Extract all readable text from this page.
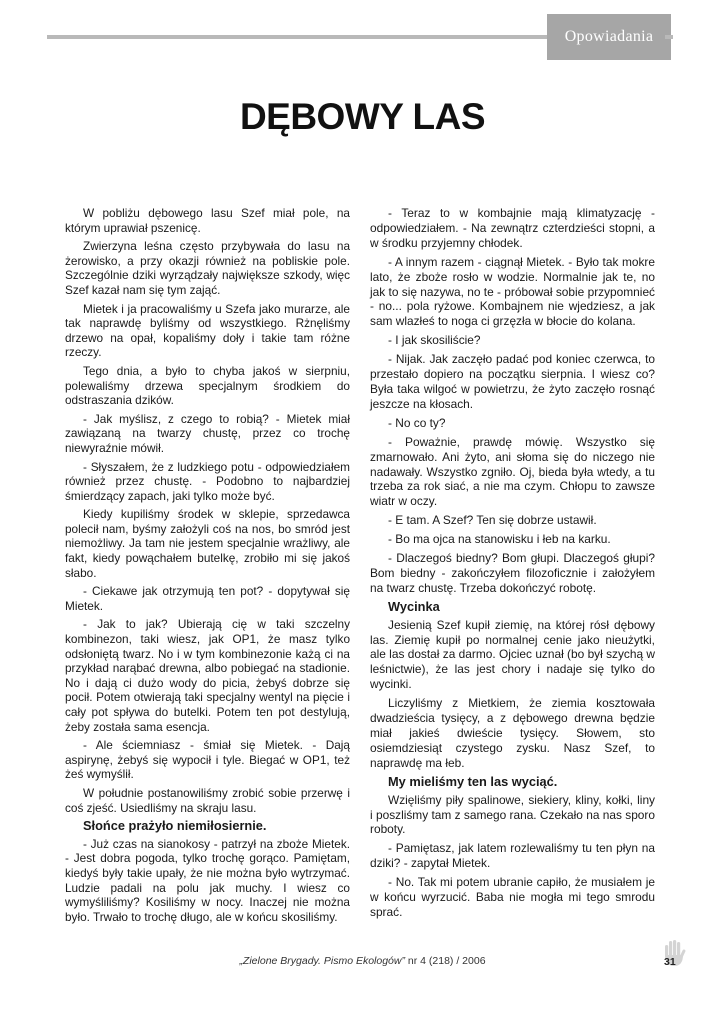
Opowiadania
DĘBOWY LAS

W pobliżu dębowego lasu Szef miał pole, na którym uprawiał pszenicę.

Zwierzyna leśna często przybywała do lasu na żerowisko, a przy okazji również na pobliskie pole. Szczególnie dziki wyrządzały największe szkody, więc Szef kazał nam się tym zająć.

Mietek i ja pracowaliśmy u Szefa jako murarze, ale tak naprawdę byliśmy od wszystkiego. Rżnęliśmy drzewo na opał, kopaliśmy doły i takie tam różne rzeczy.

Tego dnia, a było to chyba jakoś w sierpniu, polewaliśmy drzewa specjalnym środkiem do odstraszania dzików.

- Jak myślisz, z czego to robią? - Mietek miał zawiązaną na twarzy chustę, przez co trochę niewyraźnie mówił.

- Słyszałem, że z ludzkiego potu - odpowiedziałem również przez chustę. - Podobno to najbardziej śmierdzący zapach, jaki tylko może być.

Kiedy kupiliśmy środek w sklepie, sprzedawca polecił nam, byśmy założyli coś na nos, bo smród jest niemożliwy. Ja tam nie jestem specjalnie wrażliwy, ale fakt, kiedy powąchałem butelkę, zrobiło mi się jakoś słabo.

- Ciekawe jak otrzymują ten pot? - dopytywał się Mietek.

- Jak to jak? Ubierają cię w taki szczelny kombinezon, taki wiesz, jak OP1, że masz tylko odsłoniętą twarz. No i w tym kombinezonie każą ci na przykład narąbać drewna, albo pobiegać na stadionie. No i dają ci dużo wody do picia, żebyś dobrze się pocił. Potem otwierają taki specjalny wentyl na pięcie i cały pot spływa do butelki. Potem ten pot destylują, żeby została sama esencja.

- Ale ściemniasz - śmiał się Mietek. - Dają aspirynę, żebyś się wypocił i tyle. Biegać w OP1, też żeś wymyślił.

W południe postanowiliśmy zrobić sobie przerwę i coś zjeść. Usiedliśmy na skraju lasu.

Słońce prażyło niemiłosiernie.

- Już czas na sianokosy - patrzył na zboże Mietek. - Jest dobra pogoda, tylko trochę gorąco. Pamiętam, kiedyś były takie upały, że nie można było wytrzymać. Ludzie padali na polu jak muchy. I wiesz co wymyśliliśmy? Kosiliśmy w nocy. Inaczej nie można było. Trwało to trochę długo, ale w końcu skosiliśmy.

- Teraz to w kombajnie mają klimatyzację - odpowiedziałem. - Na zewnątrz czterdzieści stopni, a w środku przyjemny chłodek.

- A innym razem - ciągnął Mietek. - Było tak mokre lato, że zboże rosło w wodzie. Normalnie jak te, no jak to się nazywa, no te - próbował sobie przypomnieć - no... pola ryżowe. Kombajnem nie wjedziesz, a jak sam wlazłeś to noga ci grzęzła w błocie do kolana.

- I jak skosiliście?

- Nijak. Jak zaczęło padać pod koniec czerwca, to przestało dopiero na początku sierpnia. I wiesz co? Była taka wilgoć w powietrzu, że żyto zaczęło rosnąć jeszcze na kłosach.

- No co ty?

- Poważnie, prawdę mówię. Wszystko się zmarnowało. Ani żyto, ani słoma się do niczego nie nadawały. Wszystko zgniło. Oj, bieda była wtedy, a tu trzeba za rok siać, a nie ma czym. Chłopu to zawsze wiatr w oczy.

- E tam. A Szef? Ten się dobrze ustawił.

- Bo ma ojca na stanowisku i łeb na karku.

- Dlaczegoś biedny? Bom głupi. Dlaczegoś głupi? Bom biedny - zakończyłem filozoficznie i założyłem na twarz chustę. Trzeba dokończyć robotę.

Wycinka

Jesienią Szef kupił ziemię, na której rósł dębowy las. Ziemię kupił po normalnej cenie jako nieużytki, ale las dostał za darmo. Ojciec uznał (bo był szychą w leśnictwie), że las jest chory i nadaje się tylko do wycinki.

Liczyliśmy z Mietkiem, że ziemia kosztowała dwadzieścia tysięcy, a z dębowego drewna będzie miał jakieś dwieście tysięcy. Słowem, sto osiemdziesiąt czystego zysku. Nasz Szef, to naprawdę ma łeb.

My mieliśmy ten las wyciąć.

Wzięliśmy piły spalinowe, siekiery, kliny, kołki, liny i poszliśmy tam z samego rana. Czekało na nas sporo roboty.

- Pamiętasz, jak latem rozlewaliśmy tu ten płyn na dziki? - zapytał Mietek.

- No. Tak mi potem ubranie capiło, że musiałem je w końcu wyrzucić. Baba nie mogła mi tego smrodu sprać.

„Zielone Brygady. Pismo Ekologów” nr 4 (218) / 2006	31
